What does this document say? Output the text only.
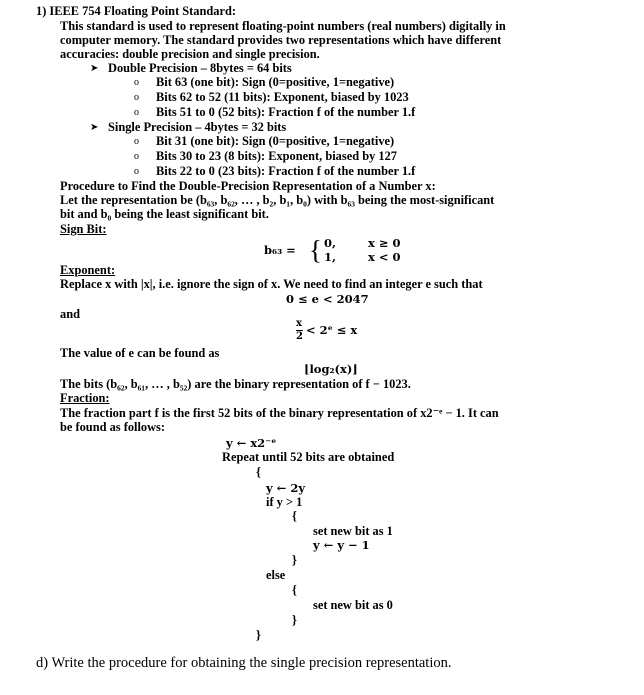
1) IEEE 754 Floating Point Standard:
This standard is used to represent floating-point numbers (real numbers) digitally in
computer memory. The standard provides two representations which have different
accuracies: double precision and single precision.
➤ Double Precision – 8bytes = 64 bits
o Bit 63 (one bit): Sign (0=positive, 1=negative)
o Bits 62 to 52 (11 bits): Exponent, biased by 1023
o Bits 51 to 0 (52 bits): Fraction f of the number 1.f
➤ Single Precision – 4bytes = 32 bits
o Bit 31 (one bit): Sign (0=positive, 1=negative)
o Bits 30 to 23 (8 bits): Exponent, biased by 127
o Bits 22 to 0 (23 bits): Fraction f of the number 1.f
Procedure to Find the Double-Precision Representation of a Number x:
Let the representation be (b₆₃, b₆₂, … , b₂, b₁, b₀) with b₆₃ being the most-significant
bit and b₀ being the least significant bit.
Sign Bit:
b₆₃ = { 0,	x ≥ 0
1,	x < 0
Exponent:
Replace x with |x|, i.e. ignore the sign of x. We need to find an integer e such that
0 ≤ e < 2047
and
x
2 < 2ᵉ ≤ x
The value of e can be found as
⌊log₂(x)⌋
The bits (b₆₂, b₆₁, … , b₅₂) are the binary representation of f − 1023.
Fraction:
The fraction part f is the first 52 bits of the binary representation of x2⁻ᵉ − 1. It can
be found as follows:
y ← x2⁻ᵉ
Repeat until 52 bits are obtained
{
y ← 2y
if y > 1
{
set new bit as 1
y ← y − 1
}
else
{
set new bit as 0
}
}
d) Write the procedure for obtaining the single precision representation.
